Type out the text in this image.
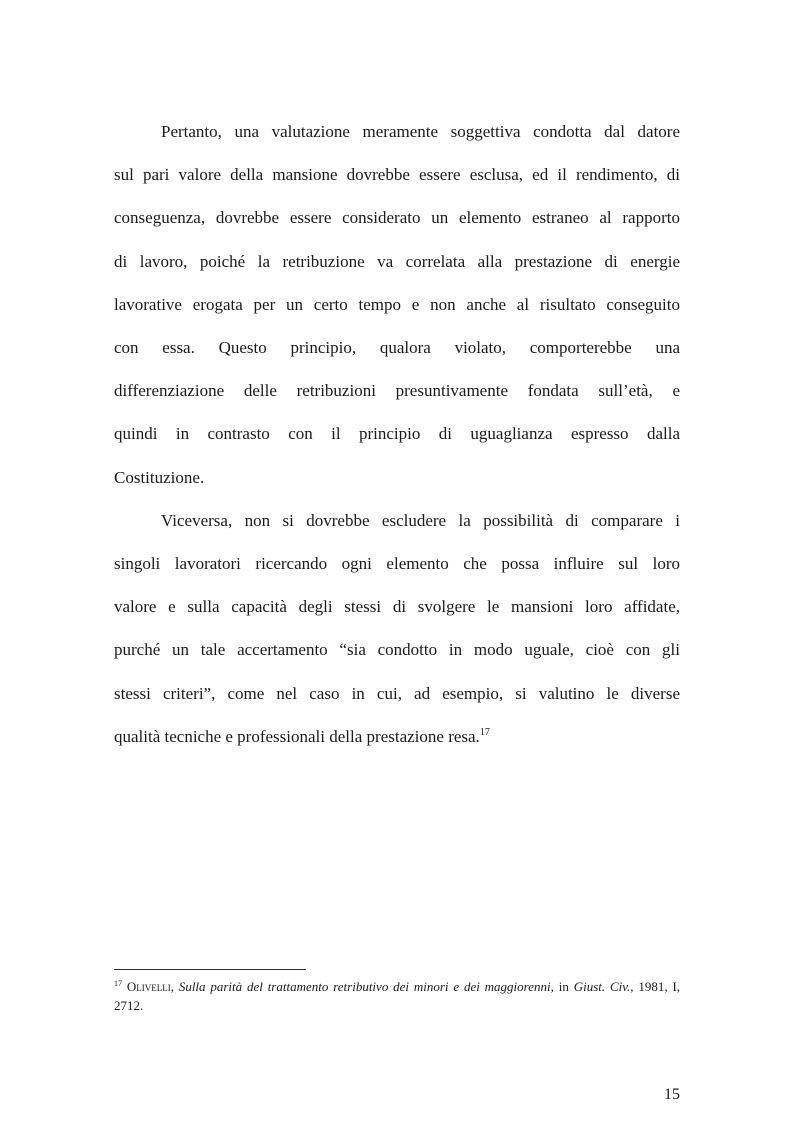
Pertanto, una valutazione meramente soggettiva condotta dal datore
sul pari valore della mansione dovrebbe essere esclusa, ed il rendimento, di
conseguenza, dovrebbe essere considerato un elemento estraneo al rapporto
di lavoro, poiché la retribuzione va correlata alla prestazione di energie
lavorative erogata per un certo tempo e non anche al risultato conseguito
con essa. Questo principio, qualora violato, comporterebbe una
differenziazione delle retribuzioni presuntivamente fondata sull’età, e
quindi in contrasto con il principio di uguaglianza espresso dalla
Costituzione.
Viceversa, non si dovrebbe escludere la possibilità di comparare i
singoli lavoratori ricercando ogni elemento che possa influire sul loro
valore e sulla capacità degli stessi di svolgere le mansioni loro affidate,
purché un tale accertamento “sia condotto in modo uguale, cioè con gli
stessi criteri”, come nel caso in cui, ad esempio, si valutino le diverse
qualità tecniche e professionali della prestazione resa.$^{17}$
$^{17}$ Olivelli, Sulla parità del trattamento retributivo dei minori e dei maggiorenni, in Giust. Civ., 1981, I, 2712.
15
